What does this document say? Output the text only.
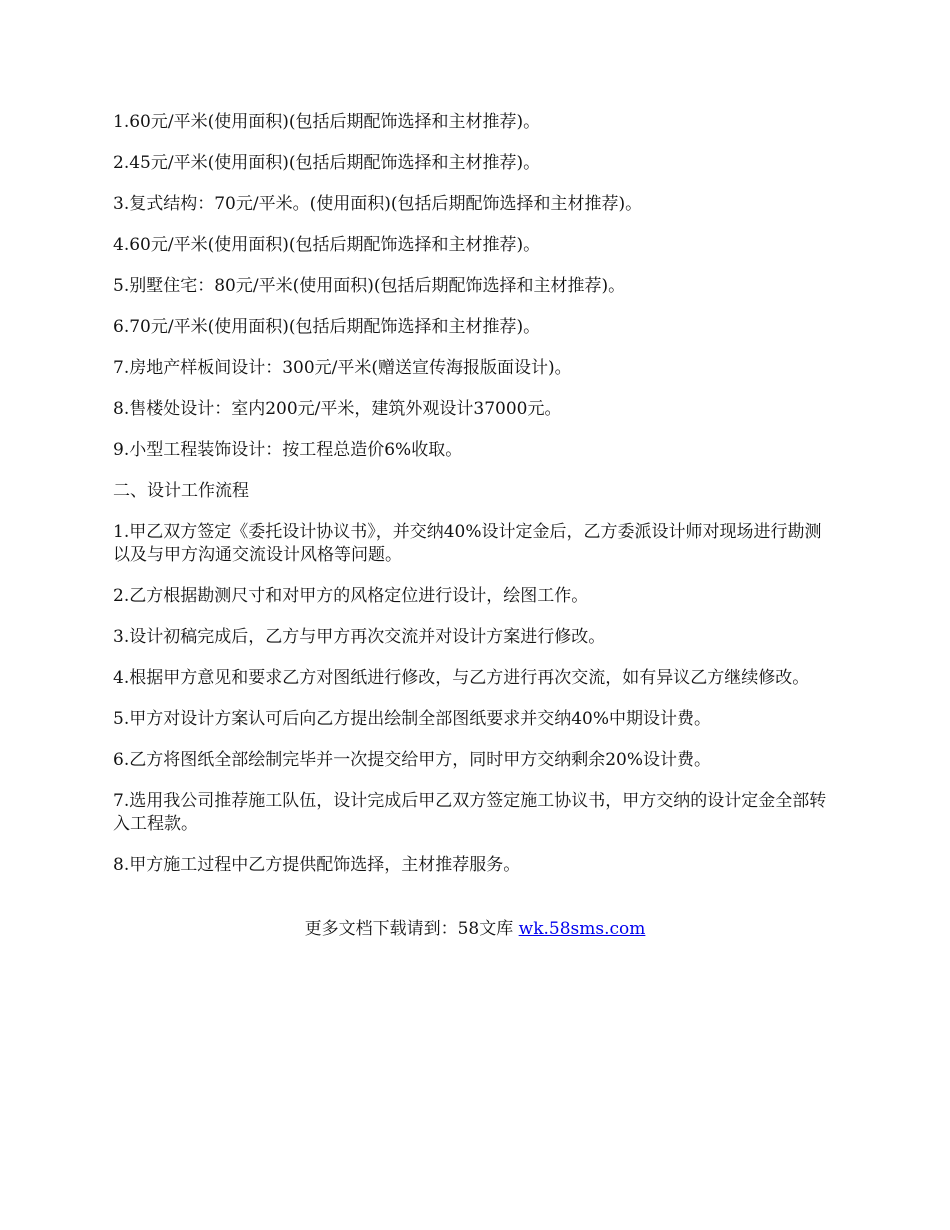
1.60元/平米(使用面积)(包括后期配饰选择和主材推荐)。

2.45元/平米(使用面积)(包括后期配饰选择和主材推荐)。

3.复式结构：70元/平米。(使用面积)(包括后期配饰选择和主材推荐)。

4.60元/平米(使用面积)(包括后期配饰选择和主材推荐)。

5.别墅住宅：80元/平米(使用面积)(包括后期配饰选择和主材推荐)。

6.70元/平米(使用面积)(包括后期配饰选择和主材推荐)。

7.房地产样板间设计：300元/平米(赠送宣传海报版面设计)。

8.售楼处设计：室内200元/平米，建筑外观设计37000元。

9.小型工程装饰设计：按工程总造价6%收取。

二、设计工作流程

1.甲乙双方签定《委托设计协议书》，并交纳40%设计定金后，乙方委派设计师对现场进行勘测以及与甲方沟通交流设计风格等问题。

2.乙方根据勘测尺寸和对甲方的风格定位进行设计，绘图工作。

3.设计初稿完成后，乙方与甲方再次交流并对设计方案进行修改。

4.根据甲方意见和要求乙方对图纸进行修改，与乙方进行再次交流，如有异议乙方继续修改。

5.甲方对设计方案认可后向乙方提出绘制全部图纸要求并交纳40%中期设计费。

6.乙方将图纸全部绘制完毕并一次提交给甲方，同时甲方交纳剩余20%设计费。

7.选用我公司推荐施工队伍，设计完成后甲乙双方签定施工协议书，甲方交纳的设计定金全部转入工程款。

8.甲方施工过程中乙方提供配饰选择，主材推荐服务。

更多文档下载请到：58文库 wk.58sms.com
